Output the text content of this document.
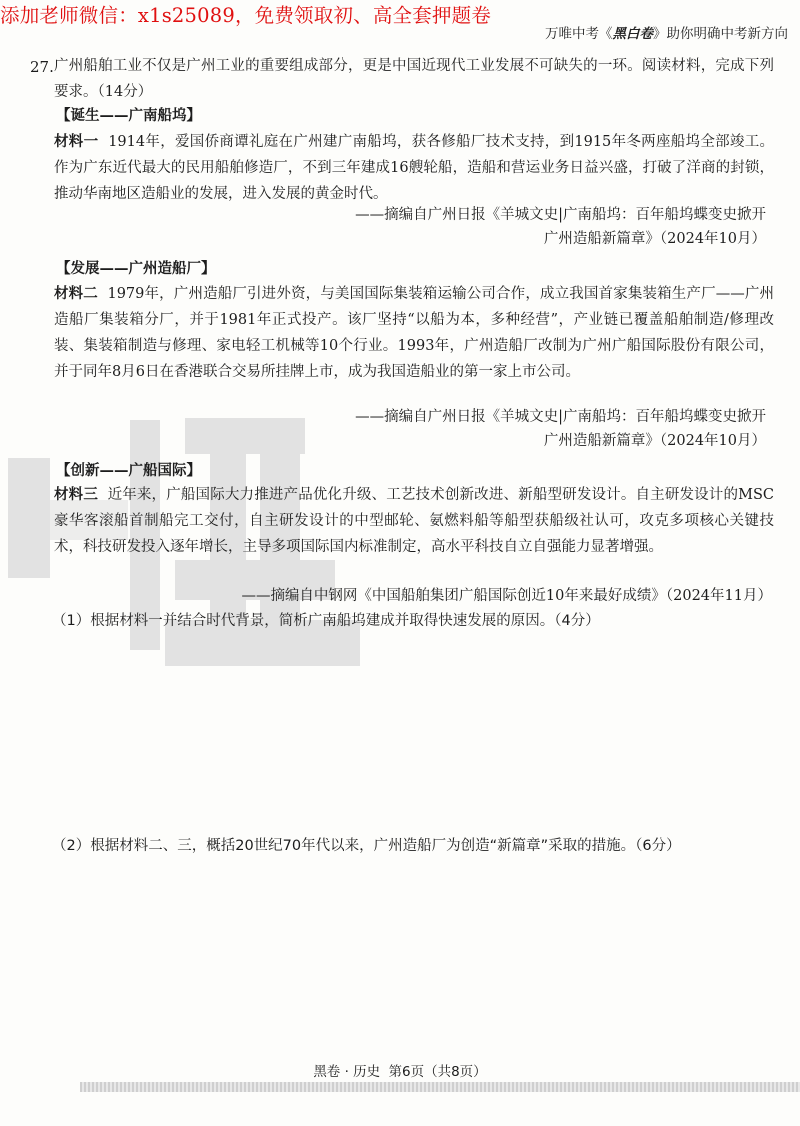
添加老师微信：x1s25089，免费领取初、高全套押题卷
万唯中考《黑白卷》助你明确中考新方向
27. 广州船舶工业不仅是广州工业的重要组成部分，更是中国近现代工业发展不可缺失的一环。阅读材料，完成下列要求。（14分）

【诞生——广南船坞】

材料一 1914年，爱国侨商谭礼庭在广州建广南船坞，获各修船厂技术支持，到1915年冬两座船坞全部竣工。作为广东近代最大的民用船舶修造厂，不到三年建成16艘轮船，造船和营运业务日益兴盛，打破了洋商的封锁，推动华南地区造船业的发展，进入发展的黄金时代。

——摘编自广州日报《羊城文史|广南船坞：百年船坞蝶变史掀开
广州造船新篇章》（2024年10月）
【发展——广州造船厂】

材料二 1979年，广州造船厂引进外资，与美国国际集装箱运输公司合作，成立我国首家集装箱生产厂——广州造船厂集装箱分厂，并于1981年正式投产。该厂坚持“以船为本，多种经营”，产业链已覆盖船舶制造/修理改装、集装箱制造与修理、家电轻工机械等10个行业。1993年，广州造船厂改制为广州广船国际股份有限公司，并于同年8月6日在香港联合交易所挂牌上市，成为我国造船业的第一家上市公司。

——摘编自广州日报《羊城文史|广南船坞：百年船坞蝶变史掀开
广州造船新篇章》（2024年10月）
【创新——广船国际】

材料三 近年来，广船国际大力推进产品优化升级、工艺技术创新改进、新船型研发设计。自主研发设计的MSC豪华客滚船首制船完工交付，自主研发设计的中型邮轮、氨燃料船等船型获船级社认可，攻克多项核心关键技术，科技研发投入逐年增长，主导多项国际国内标准制定，高水平科技自立自强能力显著增强。

——摘编自中钢网《中国船舶集团广船国际创近10年来最好成绩》（2024年11月）
（1）根据材料一并结合时代背景，简析广南船坞建成并取得快速发展的原因。（4分）
（2）根据材料二、三，概括20世纪70年代以来，广州造船厂为创造“新篇章”采取的措施。（6分）
黑卷 · 历史 第6页（共8页）
